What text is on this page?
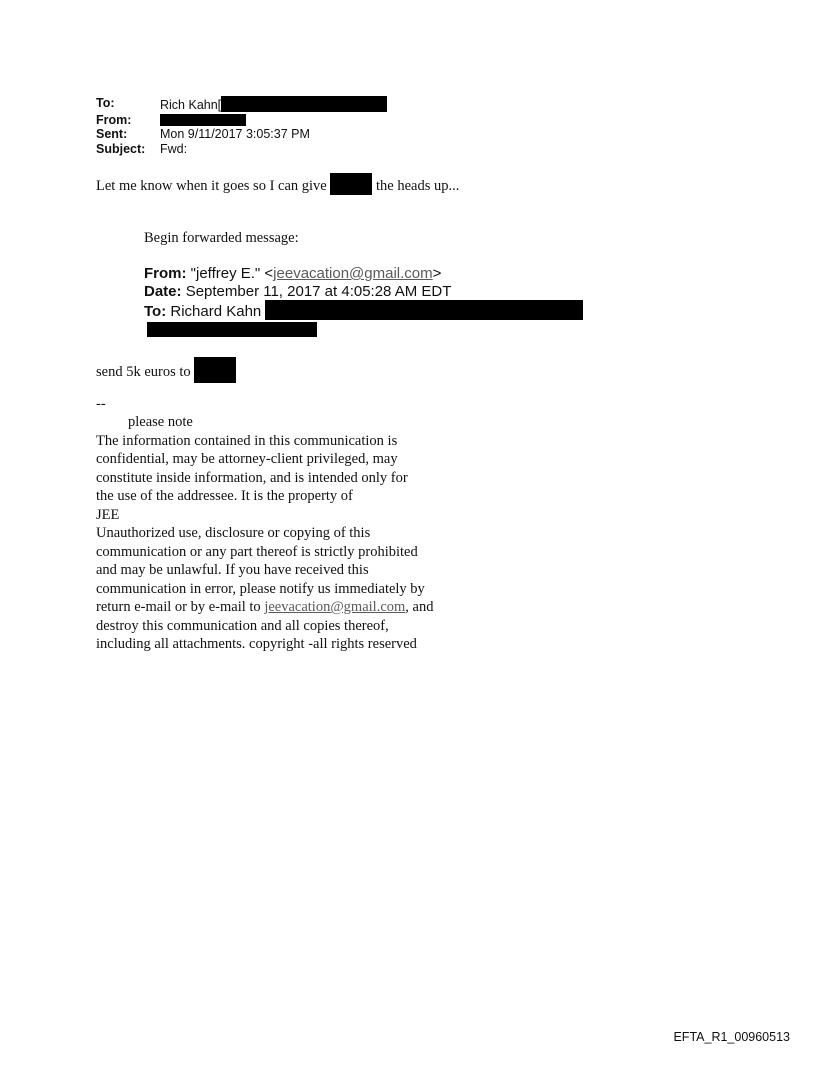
To:	Rich Kahn[
From:
Sent:	Mon 9/11/2017 3:05:37 PM
Subject:	Fwd:
Let me know when it goes so I can give	the heads up...
Begin forwarded message:
From: "jeffrey E." <jeevacation@gmail.com>
Date: September 11, 2017 at 4:05:28 AM EDT
To: Richard Kahn
send 5k euros to
--
please note
The information contained in this communication is
confidential, may be attorney-client privileged, may
constitute inside information, and is intended only for
the use of the addressee. It is the property of
JEE
Unauthorized use, disclosure or copying of this
communication or any part thereof is strictly prohibited
and may be unlawful. If you have received this
communication in error, please notify us immediately by
return e-mail or by e-mail to jeevacation@gmail.com, and
destroy this communication and all copies thereof,
including all attachments. copyright -all rights reserved
EFTA_R1_00960513
